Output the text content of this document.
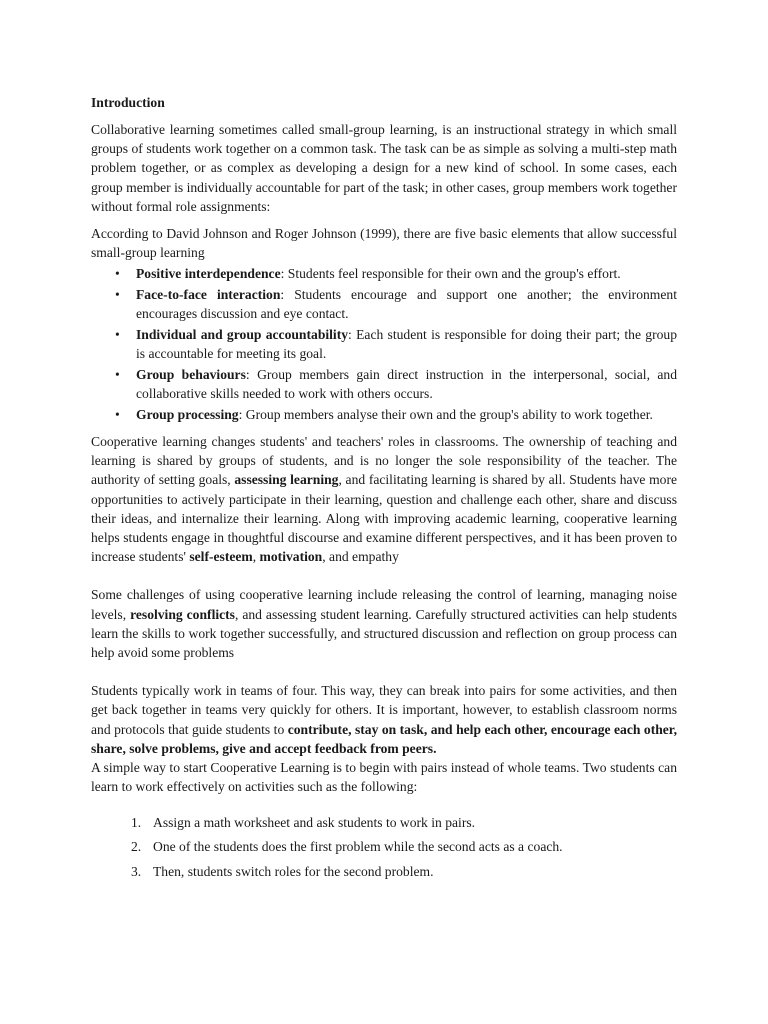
Introduction

Collaborative learning sometimes called small-group learning, is an instructional strategy in which small groups of students work together on a common task. The task can be as simple as solving a multi-step math problem together, or as complex as developing a design for a new kind of school. In some cases, each group member is individually accountable for part of the task; in other cases, group members work together without formal role assignments:

According to David Johnson and Roger Johnson (1999), there are five basic elements that allow successful small-group learning

• Positive interdependence: Students feel responsible for their own and the group's effort.
• Face-to-face interaction: Students encourage and support one another; the environment encourages discussion and eye contact.
• Individual and group accountability: Each student is responsible for doing their part; the group is accountable for meeting its goal.
• Group behaviours: Group members gain direct instruction in the interpersonal, social, and collaborative skills needed to work with others occurs.
• Group processing: Group members analyse their own and the group's ability to work together.

Cooperative learning changes students' and teachers' roles in classrooms. The ownership of teaching and learning is shared by groups of students, and is no longer the sole responsibility of the teacher. The authority of setting goals, assessing learning, and facilitating learning is shared by all. Students have more opportunities to actively participate in their learning, question and challenge each other, share and discuss their ideas, and internalize their learning. Along with improving academic learning, cooperative learning helps students engage in thoughtful discourse and examine different perspectives, and it has been proven to increase students' self-esteem, motivation, and empathy

Some challenges of using cooperative learning include releasing the control of learning, managing noise levels, resolving conflicts, and assessing student learning. Carefully structured activities can help students learn the skills to work together successfully, and structured discussion and reflection on group process can help avoid some problems

Students typically work in teams of four. This way, they can break into pairs for some activities, and then get back together in teams very quickly for others. It is important, however, to establish classroom norms and protocols that guide students to contribute, stay on task, and help each other, encourage each other, share, solve problems, give and accept feedback from peers.

A simple way to start Cooperative Learning is to begin with pairs instead of whole teams. Two students can learn to work effectively on activities such as the following:

1. Assign a math worksheet and ask students to work in pairs.
2. One of the students does the first problem while the second acts as a coach.
3. Then, students switch roles for the second problem.
